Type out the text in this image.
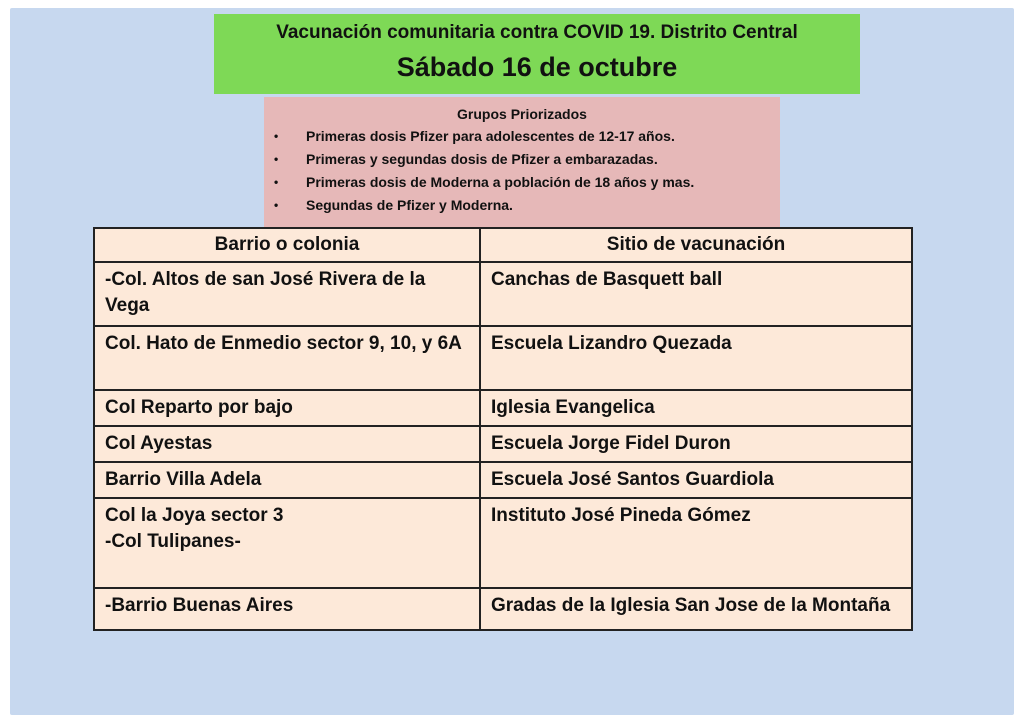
Vacunación comunitaria contra COVID 19. Distrito Central
Sábado 16 de octubre
Grupos Priorizados
• Primeras dosis Pfizer para adolescentes de 12-17 años.
• Primeras y segundas dosis de Pfizer a embarazadas.
• Primeras dosis de Moderna a población de 18 años y mas.
• Segundas de Pfizer y Moderna.
Barrio o colonia	Sitio de vacunación
-Col. Altos de san José Rivera de la Vega	Canchas de Basquett ball
Col. Hato de Enmedio sector 9, 10, y 6A	Escuela Lizandro Quezada
Col Reparto por bajo	Iglesia Evangelica
Col Ayestas	Escuela Jorge Fidel Duron
Barrio Villa Adela	Escuela José Santos Guardiola

Col la Joya sector 3
-Col Tulipanes-	Instituto José Pineda Gómez
-Barrio Buenas Aires	Gradas de la Iglesia San Jose de la Montaña
